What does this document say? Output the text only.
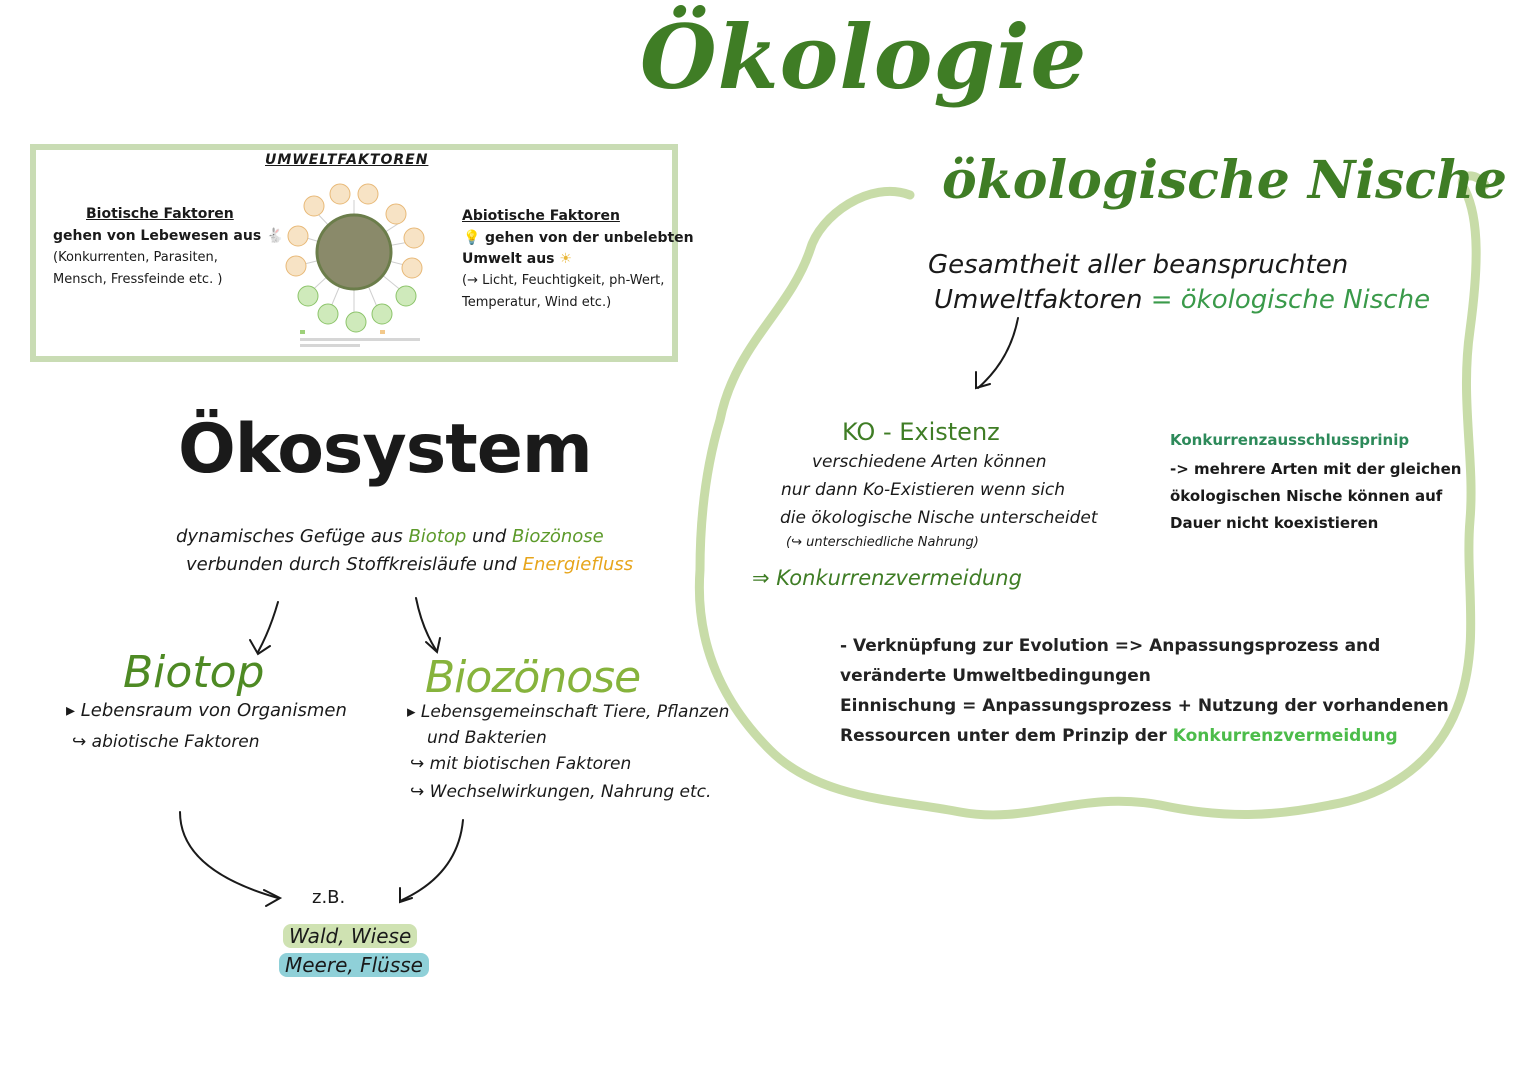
Ökologie
UMWELTFAKTOREN
Biotische Faktoren
gehen von Lebewesen aus 🐇
(Konkurrenten, Parasiten,
Mensch, Fressfeinde etc. )
Abiotische Faktoren
💡 gehen von der unbelebten
Umwelt aus ☀
(→ Licht, Feuchtigkeit, ph-Wert,
Temperatur, Wind etc.)
Ökosystem
dynamisches Gefüge aus Biotop und Biozönose
verbunden durch Stoffkreisläufe und Energiefluss
Biotop
▸ Lebensraum von Organismen
↪ abiotische Faktoren
Biozönose
▸ Lebensgemeinschaft Tiere, Pflanzen
und Bakterien
↪ mit biotischen Faktoren
↪ Wechselwirkungen, Nahrung etc.
z.B.
Wald, Wiese
Meere, Flüsse
ökologische Nische
Gesamtheit aller beanspruchten
Umweltfaktoren = ökologische Nische
KO - Existenz
verschiedene Arten können
nur dann Ko-Existieren wenn sich
die ökologische Nische unterscheidet
(↪ unterschiedliche Nahrung)
⇒ Konkurrenzvermeidung
Konkurrenzausschlussprinip
-> mehrere Arten mit der gleichen
ökologischen Nische können auf
Dauer nicht koexistieren
- Verknüpfung zur Evolution => Anpassungsprozess and
veränderte Umweltbedingungen
Einnischung = Anpassungsprozess + Nutzung der vorhandenen
Ressourcen unter dem Prinzip der Konkurrenzvermeidung
